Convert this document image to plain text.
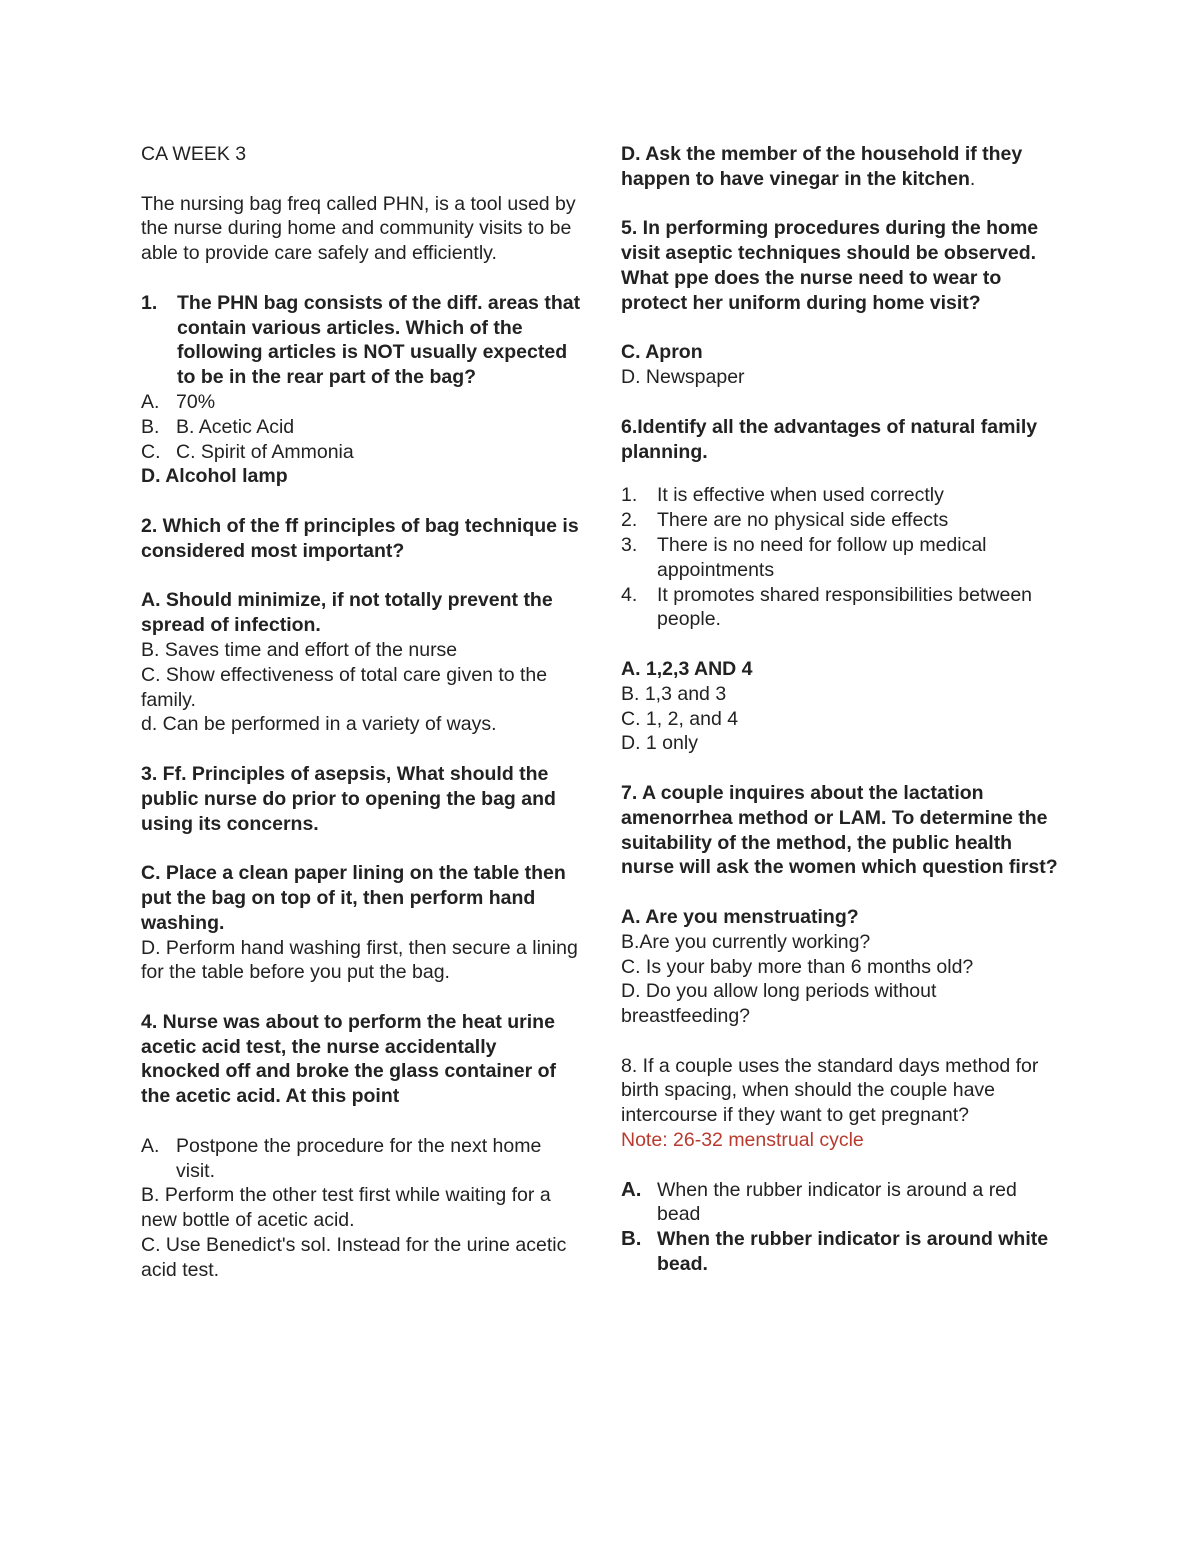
CA WEEK 3

The nursing bag freq called PHN, is a tool used by the nurse during home and community visits to be able to provide care safely and efficiently.

1.	The PHN bag consists of the diff. areas that contain various articles. Which of the following articles is NOT usually expected to be in the rear part of the bag?
A. 70%
B. B. Acetic Acid
C. C. Spirit of Ammonia

D. Alcohol lamp

2. Which of the ff principles of bag technique is considered most important?

A. Should minimize, if not totally prevent the spread of infection.

B. Saves time and effort of the nurse

C. Show effectiveness of total care given to the family.

d. Can be performed in a variety of ways.

3. Ff. Principles of asepsis, What should the public nurse do prior to opening the bag and using its concerns.

C. Place a clean paper lining on the table then put the bag on top of it, then perform hand washing.

D. Perform hand washing first, then secure a lining for the table before you put the bag.

4. Nurse was about to perform the heat urine acetic acid test, the nurse accidentally knocked off and broke the glass container of the acetic acid. At this point

A. Postpone the procedure for the next home visit.

B. Perform the other test first while waiting for a new bottle of acetic acid.

C. Use Benedict's sol. Instead for the urine acetic acid test.

D. Ask the member of the household if they happen to have vinegar in the kitchen.

5. In performing procedures during the home visit aseptic techniques should be observed. What ppe does the nurse need to wear to protect her uniform during home visit?

C. Apron

D. Newspaper

6.Identify all the advantages of natural family planning.

1.	It is effective when used correctly
2.	There are no physical side effects
3.	There is no need for follow up medical appointments
4.	It promotes shared responsibilities between people.

A. 1,2,3 AND 4

B. 1,3 and 3

C. 1, 2, and 4

D. 1 only

7. A couple inquires about the lactation amenorrhea method or LAM. To determine the suitability of the method, the public health nurse will ask the women which question first?

A. Are you menstruating?

B.Are you currently working?

C. Is your baby more than 6 months old?

D. Do you allow long periods without breastfeeding?

8. If a couple uses the standard days method for birth spacing, when should the couple have intercourse if they want to get pregnant?

Note: 26-32 menstrual cycle

A. When the rubber indicator is around a red bead
B. When the rubber indicator is around white bead.
